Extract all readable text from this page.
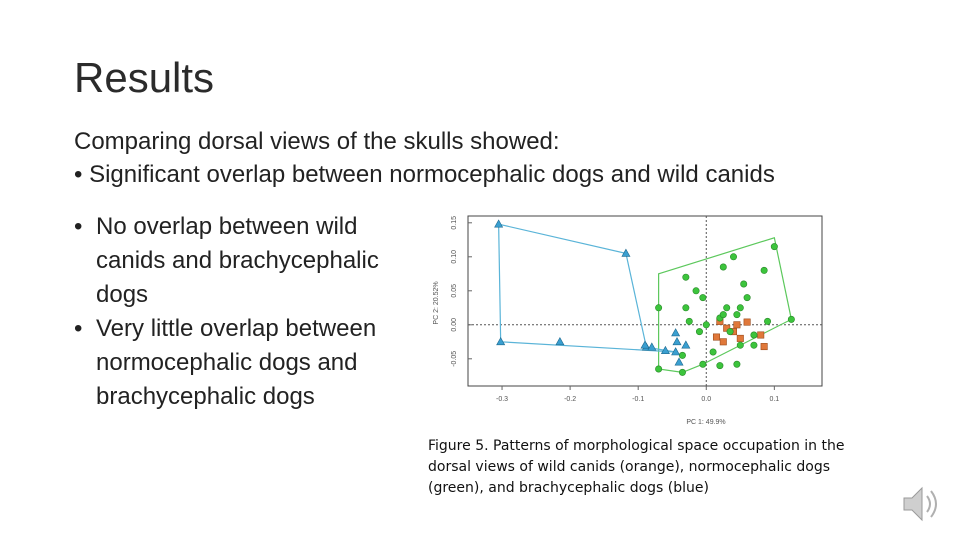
Results
Comparing dorsal views of the skulls showed:
• Significant overlap between normocephalic dogs and wild canids
• No overlap between wild canids and brachycephalic dogs
• Very little overlap between normocephalic dogs and brachycephalic dogs
PC 2: 20.52%
PC 1: 49.9%
-0.3	-0.2	-0.1	0.0	0.1
-0.05
0.00
0.05
0.10
0.15
Figure 5. Patterns of morphological space occupation in the dorsal views of wild canids (orange), normocephalic dogs (green), and brachycephalic dogs (blue)
